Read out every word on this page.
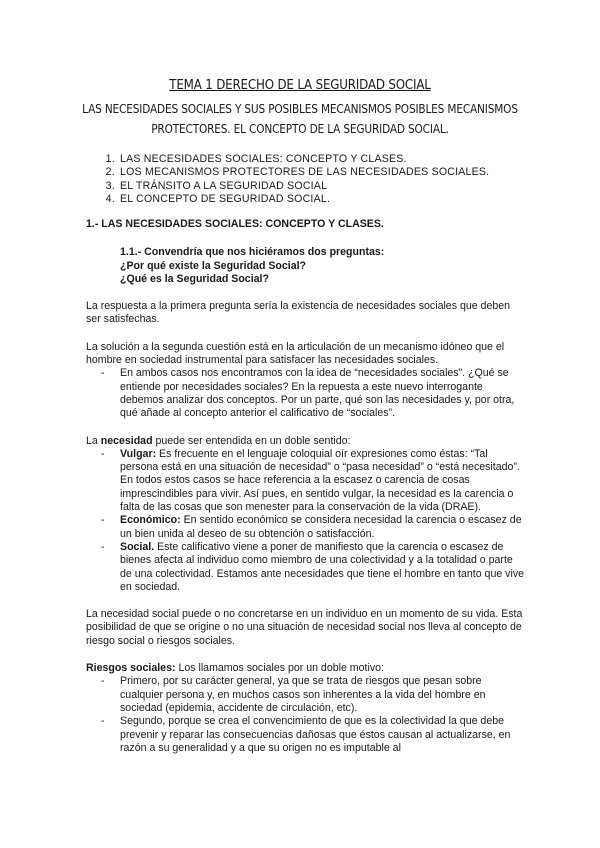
TEMA 1 DERECHO DE LA SEGURIDAD SOCIAL

LAS NECESIDADES SOCIALES Y SUS POSIBLES MECANISMOS POSIBLES MECANISMOS
PROTECTORES. EL CONCEPTO DE LA SEGURIDAD SOCIAL.

1. LAS NECESIDADES SOCIALES: CONCEPTO Y CLASES.
2. LOS MECANISMOS PROTECTORES DE LAS NECESIDADES SOCIALES.
3. EL TRÁNSITO A LA SEGURIDAD SOCIAL
4. EL CONCEPTO DE SEGURIDAD SOCIAL.

1.- LAS NECESIDADES SOCIALES: CONCEPTO Y CLASES.

1.1.- Convendría que nos hiciéramos dos preguntas:
¿Por qué existe la Seguridad Social?
¿Qué es la Seguridad Social?

La respuesta a la primera pregunta sería la existencia de necesidades sociales que deben ser satisfechas.

La solución a la segunda cuestión está en la articulación de un mecanismo idóneo que el hombre en sociedad instrumental para satisfacer las necesidades sociales.

- En ambos casos nos encontramos con la idea de “necesidades sociales”. ¿Qué se entiende por necesidades sociales? En la repuesta a este nuevo interrogante debemos analizar dos conceptos. Por un parte, qué son las necesidades y, por otra, qué añade al concepto anterior el calificativo de “sociales”.

La necesidad puede ser entendida en un doble sentido:

- Vulgar: Es frecuente en el lenguaje coloquial oír expresiones como éstas: “Tal persona está en una situación de necesidad” o “pasa necesidad” o “está necesitado”. En todos estos casos se hace referencia a la escasez o carencia de cosas imprescindibles para vivir. Así pues, en sentido vulgar, la necesidad es la carencia o falta de las cosas que son menester para la conservación de la vida (DRAE).
- Económico: En sentido económico se considera necesidad la carencia o escasez de un bien unida al deseo de su obtención o satisfacción.
- Social. Este calificativo viene a poner de manifiesto que la carencia o escasez de bienes afecta al individuo como miembro de una colectividad y a la totalidad o parte de una colectividad. Estamos ante necesidades que tiene el hombre en tanto que vive en sociedad.

La necesidad social puede o no concretarse en un individuo en un momento de su vida. Esta posibilidad de que se origine o no una situación de necesidad social nos lleva al concepto de riesgo social o riesgos sociales.

Riesgos sociales: Los llamamos sociales por un doble motivo:

- Primero, por su carácter general, ya que se trata de riesgos que pesan sobre cualquier persona y, en muchos casos son inherentes a la vida del hombre en sociedad (epidemia, accidente de circulación, etc).
- Segundo, porque se crea el convencimiento de que es la colectividad la que debe prevenir y reparar las consecuencias dañosas que éstos causan al actualizarse, en razón a su generalidad y a que su origen no es imputable al
